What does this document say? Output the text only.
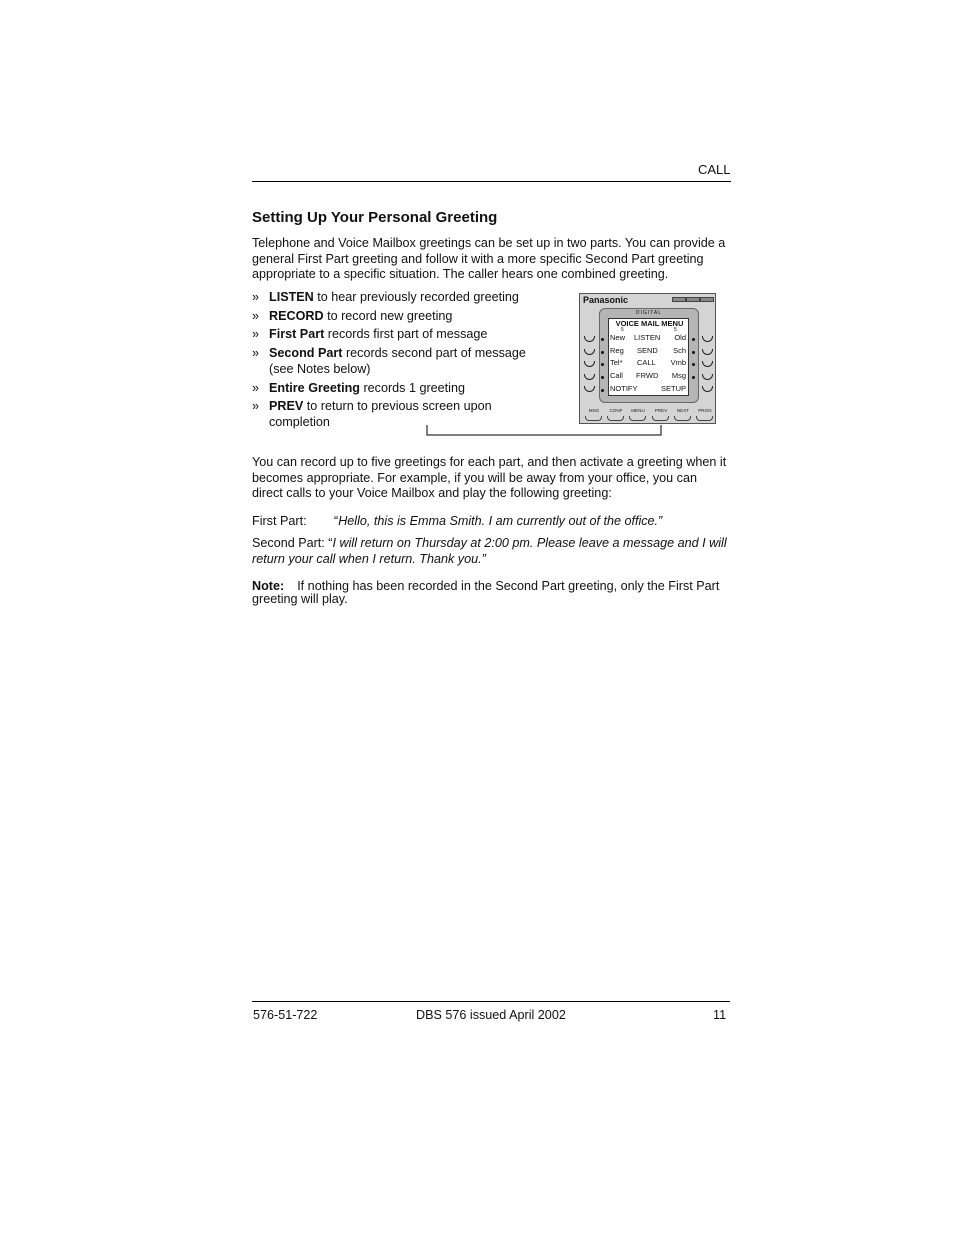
CALL
Setting Up Your Personal Greeting
Telephone and Voice Mailbox greetings can be set up in two parts. You can provide a general First Part greeting and follow it with a more specific Second Part greeting appropriate to a specific situation. The caller hears one combined greeting.
» LISTEN to hear previously recorded greeting
» RECORD to record new greeting
» First Part records first part of message
» Second Part records second part of message (see Notes below)
» Entire Greeting records 1 greeting
» PREV to return to previous screen upon completion
Panasonic
DIGITAL
VOICE MAIL MENU
5	5
New LISTEN Old
Reg SEND Sch
Tel* CALL Vmb
Call FRWD Msg
NOTIFY	SETUP
MSG	CONF	MENU	PREV	NEXT	PROG
You can record up to five greetings for each part, and then activate a greeting when it becomes appropriate. For example, if you will be away from your office, you can direct calls to your Voice Mailbox and play the following greeting:
First Part:	“Hello, this is Emma Smith. I am currently out of the office.”
Second Part: “I will return on Thursday at 2:00 pm. Please leave a message and I will return your call when I return. Thank you.”
Note: If nothing has been recorded in the Second Part greeting, only the First Part greeting will play.
576-51-722	DBS 576 issued April 2002	11
